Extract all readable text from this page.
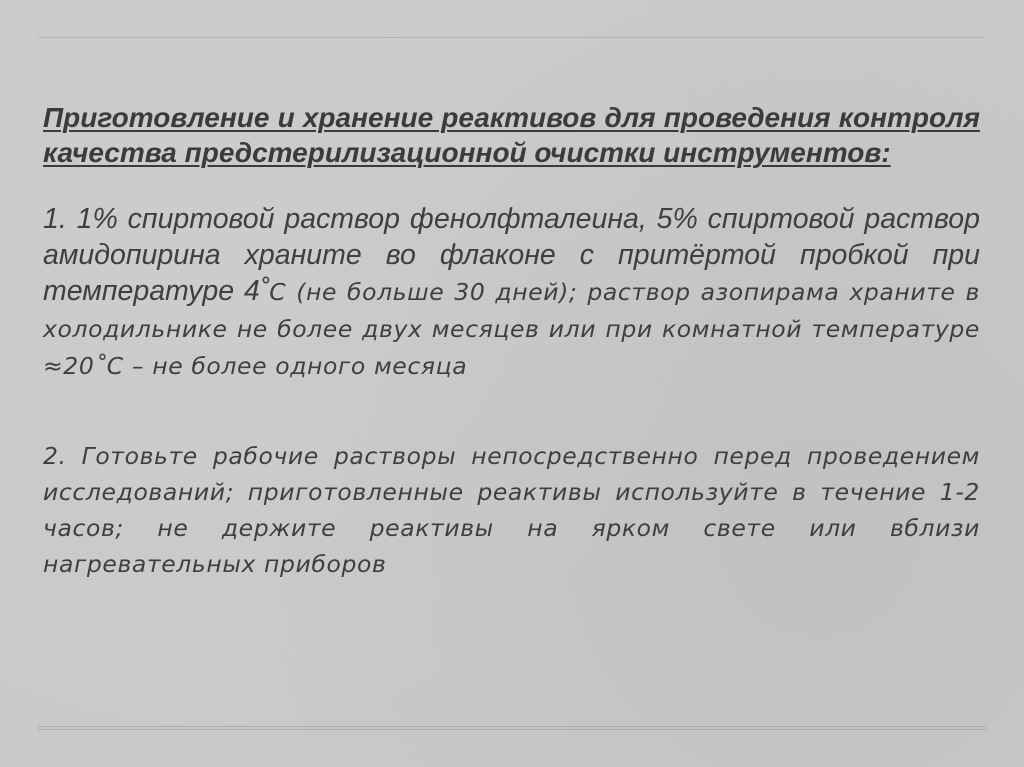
Приготовление и хранение реактивов для проведения контроля качества предстерилизационной очистки инструментов:

1. 1% спиртовой раствор фенолфталеина, 5% спиртовой раствор амидопирина храните во флаконе с притёртой пробкой при температуре 4˚С (не больше 30 дней); раствор азопирама храните в холодильнике не более двух месяцев или при комнатной температуре ≈20˚С – не более одного месяца

2. Готовьте рабочие растворы непосредственно перед проведением исследований; приготовленные реактивы используйте в течение 1-2 часов; не держите реактивы на ярком свете или вблизи нагревательных приборов
